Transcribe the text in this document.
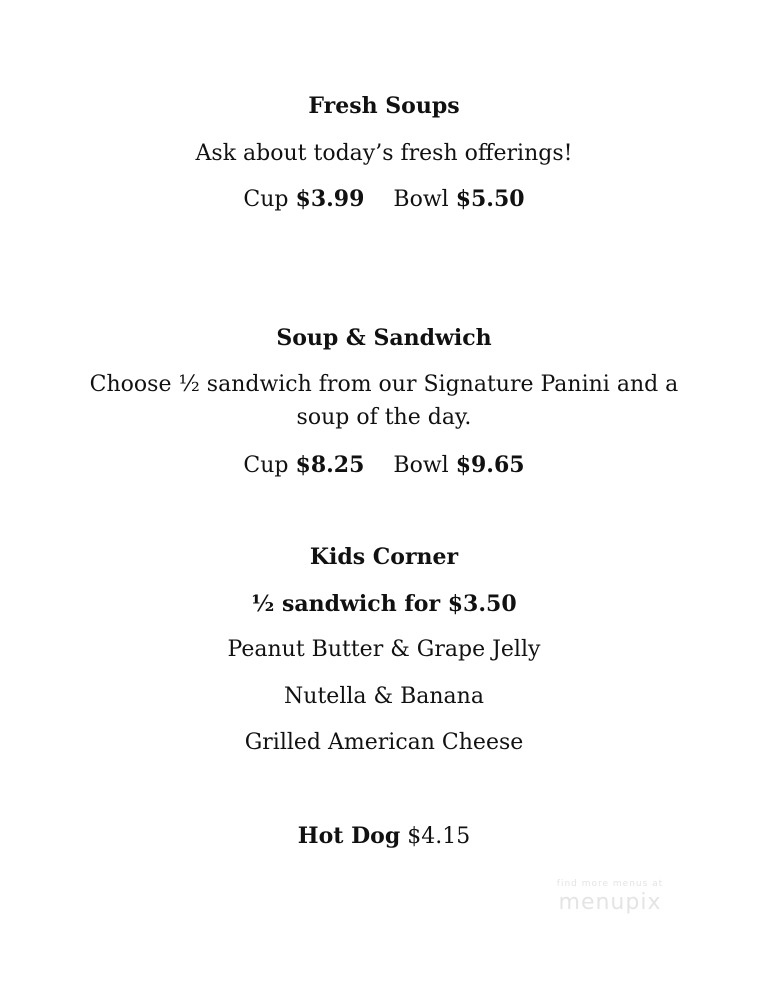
Fresh Soups
Ask about today’s fresh offerings!
Cup $3.99 Bowl $5.50
Soup & Sandwich
Choose ½ sandwich from our Signature Panini and a
soup of the day.
Cup $8.25 Bowl $9.65
Kids Corner
½ sandwich for $3.50
Peanut Butter & Grape Jelly
Nutella & Banana
Grilled American Cheese
Hot Dog $4.15
find more menus at
menupix
